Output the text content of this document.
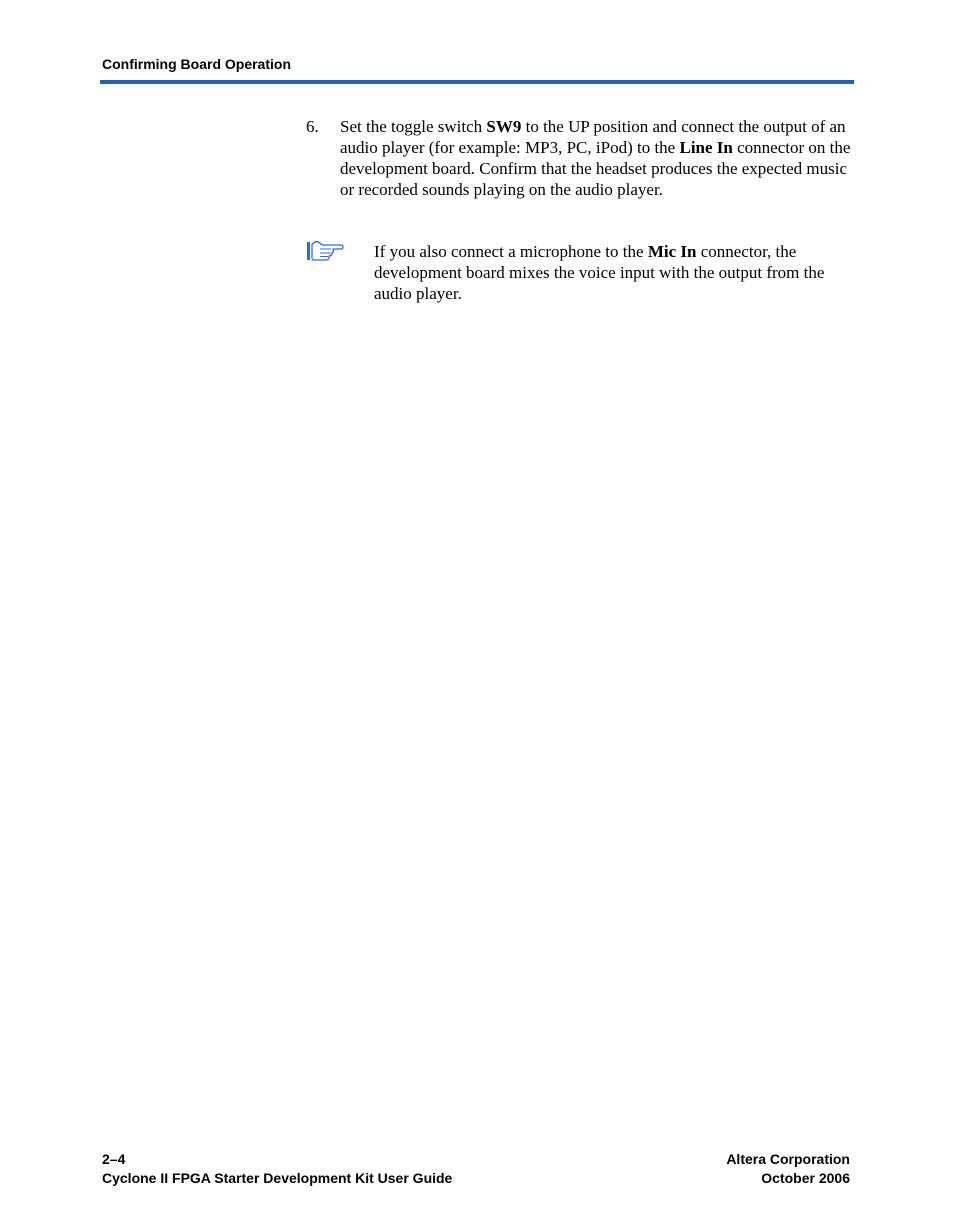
Confirming Board Operation
6. Set the toggle switch SW9 to the UP position and connect the output of an audio player (for example: MP3, PC, iPod) to the Line In connector on the development board. Confirm that the headset produces the expected music or recorded sounds playing on the audio player.
If you also connect a microphone to the Mic In connector, the development board mixes the voice input with the output from the audio player.
2–4
Cyclone II FPGA Starter Development Kit User Guide
Altera Corporation
October 2006
